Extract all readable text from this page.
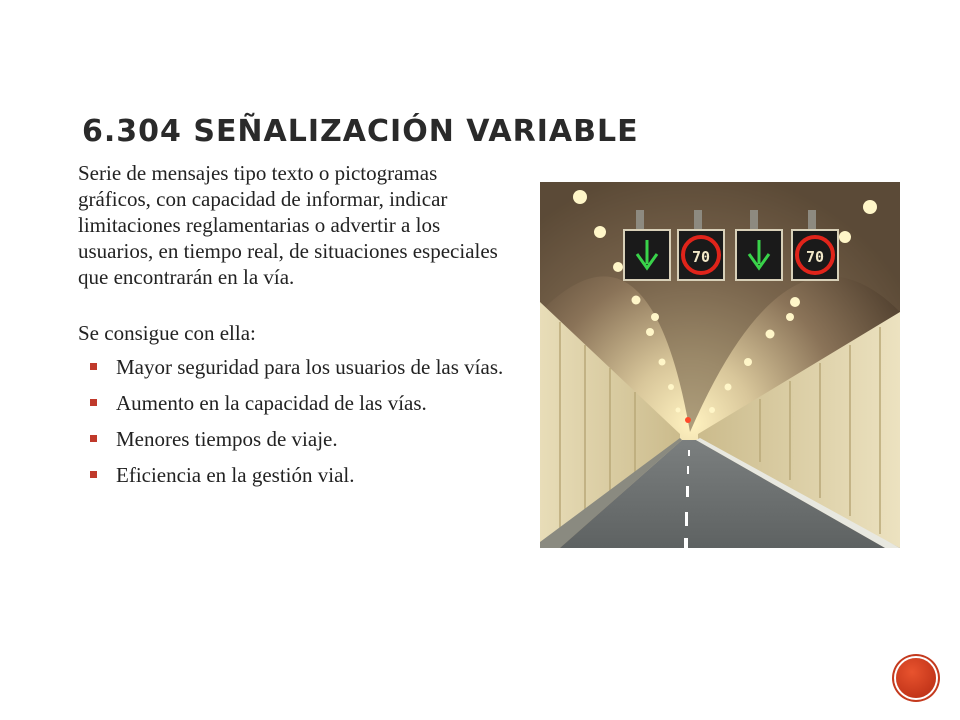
6.304 SEÑALIZACIÓN VARIABLE

Serie de mensajes tipo texto o pictogramas gráficos, con capacidad de informar, indicar limitaciones reglamentarias o advertir a los usuarios, en tiempo real, de situaciones especiales que encontrarán en la vía.

Se consigue con ella:

Mayor seguridad para los usuarios de las vías.
Aumento en la capacidad de las vías.
Menores tiempos de viaje.
Eficiencia en la gestión vial.
70	70
